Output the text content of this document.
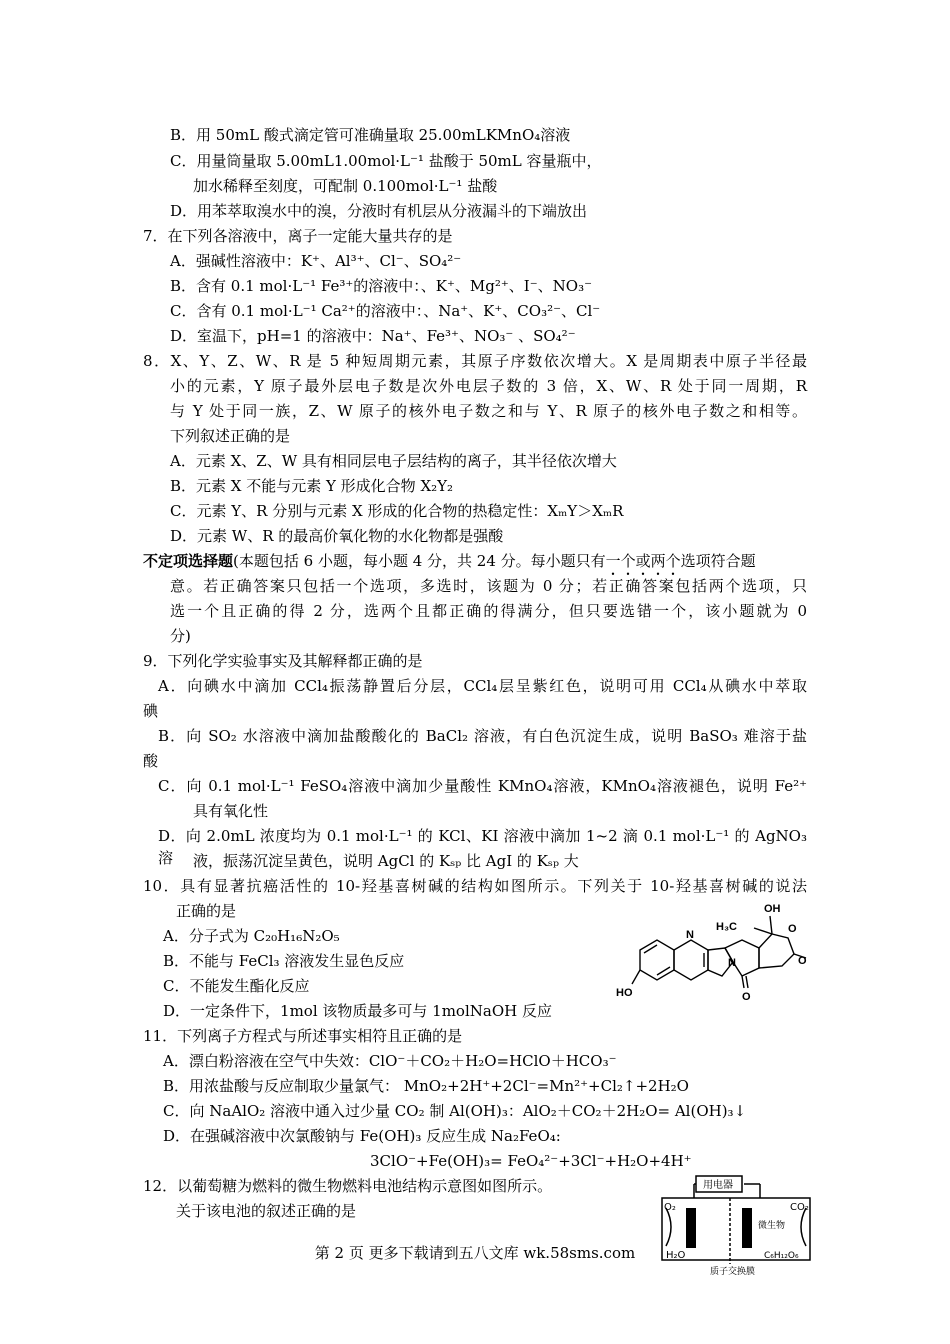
B．用 50mL 酸式滴定管可准确量取 25.00mLKMnO₄溶液
C．用量筒量取 5.00mL1.00mol·L⁻¹ 盐酸于 50mL 容量瓶中，
加水稀释至刻度，可配制 0.100mol·L⁻¹ 盐酸
D．用苯萃取溴水中的溴，分液时有机层从分液漏斗的下端放出
7．在下列各溶液中，离子一定能大量共存的是
A．强碱性溶液中：K⁺、Al³⁺、Cl⁻、SO₄²⁻
B．含有 0.1 mol·L⁻¹ Fe³⁺的溶液中：、K⁺、Mg²⁺、I⁻、NO₃⁻
C．含有 0.1 mol·L⁻¹ Ca²⁺的溶液中：、Na⁺、K⁺、CO₃²⁻、Cl⁻
D．室温下，pH=1 的溶液中：Na⁺、Fe³⁺、NO₃⁻ 、SO₄²⁻
8．X、Y、Z、W、R 是 5 种短周期元素，其原子序数依次增大。X 是周期表中原子半径最
小的元素，Y 原子最外层电子数是次外电层子数的 3 倍，X、W、R 处于同一周期，R
与 Y 处于同一族，Z、W 原子的核外电子数之和与 Y、R 原子的核外电子数之和相等。
下列叙述正确的是
A．元素 X、Z、W 具有相同层电子层结构的离子，其半径依次增大
B．元素 X 不能与元素 Y 形成化合物 X₂Y₂
C．元素 Y、R 分别与元素 X 形成的化合物的热稳定性：XₘY＞XₘR
D．元素 W、R 的最高价氧化物的水化物都是强酸
不定项选择题(本题包括 6 小题，每小题 4 分，共 24 分。每小题只有一个或两个选项符合题
意。若正确答案只包括一个选项，多选时，该题为 0 分；若正确答案包括两个选项，只
选一个且正确的得 2 分，选两个且都正确的得满分，但只要选错一个，该小题就为 0
分)
9．下列化学实验事实及其解释都正确的是
A．向碘水中滴加 CCl₄振荡静置后分层，CCl₄层呈紫红色，说明可用 CCl₄从碘水中萃取
碘
B．向 SO₂ 水溶液中滴加盐酸酸化的 BaCl₂ 溶液，有白色沉淀生成，说明 BaSO₃ 难溶于盐
酸
C．向 0.1 mol·L⁻¹ FeSO₄溶液中滴加少量酸性 KMnO₄溶液，KMnO₄溶液褪色，说明 Fe²⁺
具有氧化性
D．向 2.0mL 浓度均为 0.1 mol·L⁻¹ 的 KCl、KI 溶液中滴加 1~2 滴 0.1 mol·L⁻¹ 的 AgNO₃ 溶	液，振荡沉淀呈黄色，说明 AgCl 的 Kₛₚ 比 AgI 的 Kₛₚ 大
10．具有显著抗癌活性的 10-羟基喜树碱的结构如图所示。下列关于 10-羟基喜树碱的说法
正确的是
A．分子式为 C₂₀H₁₆N₂O₅
B．不能与 FeCl₃ 溶液发生显色反应
C．不能发生酯化反应
D．一定条件下，1mol 该物质最多可与 1molNaOH 反应
11．下列离子方程式与所述事实相符且正确的是
A．漂白粉溶液在空气中失效：ClO⁻＋CO₂＋H₂O=HClO＋HCO₃⁻
B．用浓盐酸与反应制取少量氯气： MnO₂+2H⁺+2Cl⁻=Mn²⁺+Cl₂↑+2H₂O
C．向 NaAlO₂ 溶液中通入过少量 CO₂ 制 Al(OH)₃：AlO₂＋CO₂＋2H₂O= Al(OH)₃↓
D．在强碱溶液中次氯酸钠与 Fe(OH)₃ 反应生成 Na₂FeO₄:
3ClO⁻+Fe(OH)₃= FeO₄²⁻+3Cl⁻+H₂O+4H⁺
12．以葡萄糖为燃料的微生物燃料电池结构示意图如图所示。
关于该电池的叙述正确的是
OH
H₃C	O
O
N
N
HO	O
用电器
O₂	CO₂
微生物
H₂O	C₆H₁₂O₆
质子交换膜
第 2 页 更多下载请到五八文库 wk.58sms.com
